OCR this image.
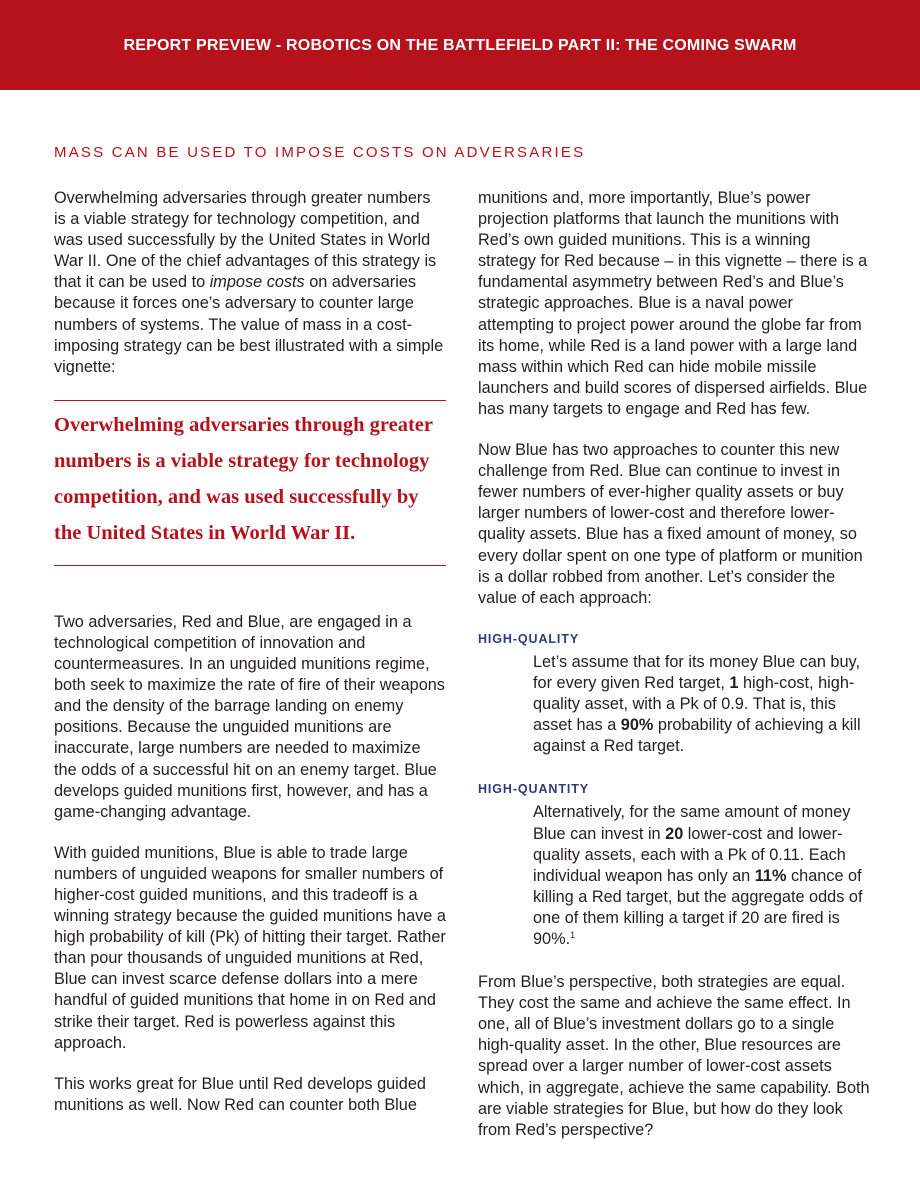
REPORT PREVIEW - ROBOTICS ON THE BATTLEFIELD PART II: THE COMING SWARM
MASS CAN BE USED TO IMPOSE COSTS ON ADVERSARIES

Overwhelming adversaries through greater numbers is a viable strategy for technology competition, and was used successfully by the United States in World War II. One of the chief advantages of this strategy is that it can be used to impose costs on adversaries because it forces one’s adversary to counter large numbers of systems. The value of mass in a cost-imposing strategy can be best illustrated with a simple vignette:

Overwhelming adversaries through greater numbers is a viable strategy for technology competition, and was used successfully by the United States in World War II.

Two adversaries, Red and Blue, are engaged in a technological competition of innovation and countermeasures. In an unguided munitions regime, both seek to maximize the rate of fire of their weapons and the density of the barrage landing on enemy positions. Because the unguided munitions are inaccurate, large numbers are needed to maximize the odds of a successful hit on an enemy target. Blue develops guided munitions first, however, and has a game-changing advantage.

With guided munitions, Blue is able to trade large numbers of unguided weapons for smaller numbers of higher-cost guided munitions, and this tradeoff is a winning strategy because the guided munitions have a high probability of kill (Pk) of hitting their target. Rather than pour thousands of unguided munitions at Red, Blue can invest scarce defense dollars into a mere handful of guided munitions that home in on Red and strike their target. Red is powerless against this approach.

This works great for Blue until Red develops guided munitions as well. Now Red can counter both Blue

munitions and, more importantly, Blue’s power projection platforms that launch the munitions with Red’s own guided munitions. This is a winning strategy for Red because – in this vignette – there is a fundamental asymmetry between Red’s and Blue’s strategic approaches. Blue is a naval power attempting to project power around the globe far from its home, while Red is a land power with a large land mass within which Red can hide mobile missile launchers and build scores of dispersed airfields. Blue has many targets to engage and Red has few.

Now Blue has two approaches to counter this new challenge from Red. Blue can continue to invest in fewer numbers of ever-higher quality assets or buy larger numbers of lower-cost and therefore lower-quality assets. Blue has a fixed amount of money, so every dollar spent on one type of platform or munition is a dollar robbed from another. Let’s consider the value of each approach:

HIGH-QUALITY

Let’s assume that for its money Blue can buy, for every given Red target, 1 high-cost, high-quality asset, with a Pk of 0.9. That is, this asset has a 90% probability of achieving a kill against a Red target.

HIGH-QUANTITY

Alternatively, for the same amount of money Blue can invest in 20 lower-cost and lower-quality assets, each with a Pk of 0.11. Each individual weapon has only an 11% chance of killing a Red target, but the aggregate odds of one of them killing a target if 20 are fired is 90%.$^1$

From Blue’s perspective, both strategies are equal. They cost the same and achieve the same effect. In one, all of Blue’s investment dollars go to a single high-quality asset. In the other, Blue resources are spread over a larger number of lower-cost assets which, in aggregate, achieve the same capability. Both are viable strategies for Blue, but how do they look from Red’s perspective?
